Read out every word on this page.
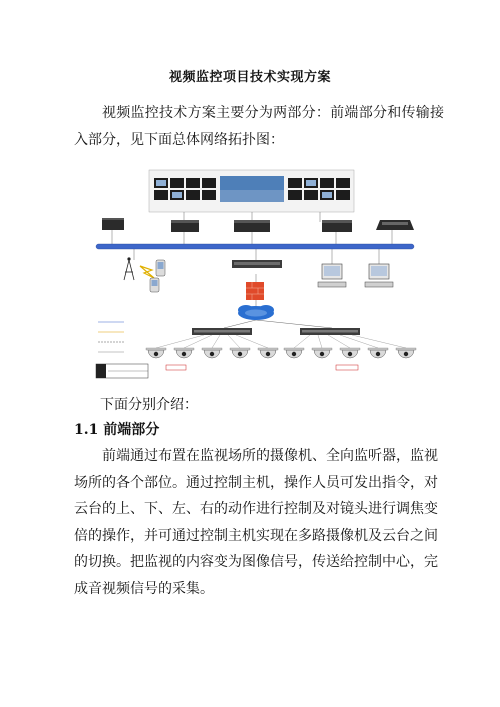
视频监控项目技术实现方案
视频监控技术方案主要分为两部分：前端部分和传输接入部分，见下面总体网络拓扑图：
下面分别介绍：
1.1 前端部分
前端通过布置在监视场所的摄像机、全向监听器，监视场所的各个部位。通过控制主机，操作人员可发出指令，对云台的上、下、左、右的动作进行控制及对镜头进行调焦变倍的操作，并可通过控制主机实现在多路摄像机及云台之间的切换。把监视的内容变为图像信号，传送给控制中心，完成音视频信号的采集。
